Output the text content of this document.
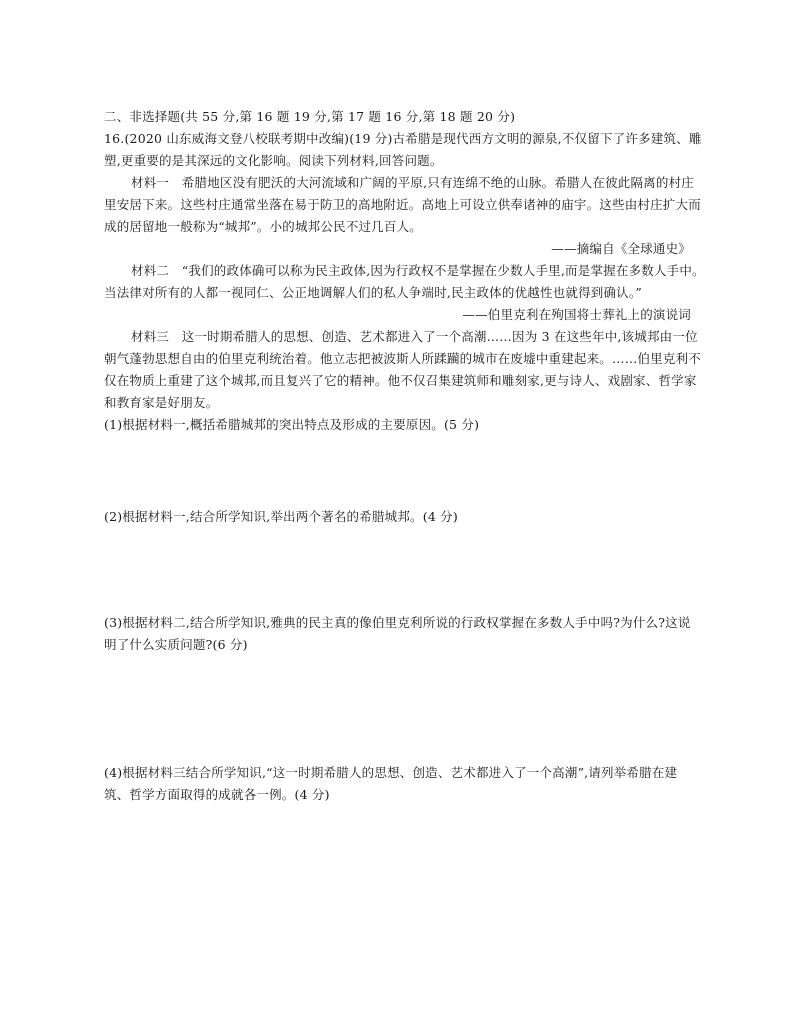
二、非选择题(共 55 分,第 16 题 19 分,第 17 题 16 分,第 18 题 20 分)
16.(2020 山东威海文登八校联考期中改编)(19 分)古希腊是现代西方文明的源泉,不仅留下了许多建筑、雕
塑,更重要的是其深远的文化影响。阅读下列材料,回答问题。
材料一　希腊地区没有肥沃的大河流域和广阔的平原,只有连绵不绝的山脉。希腊人在彼此隔离的村庄
里安居下来。这些村庄通常坐落在易于防卫的高地附近。高地上可设立供奉诸神的庙宇。这些由村庄扩大而
成的居留地一般称为“城邦”。小的城邦公民不过几百人。
——摘编自《全球通史》
材料二　“我们的政体确可以称为民主政体,因为行政权不是掌握在少数人手里,而是掌握在多数人手中。
当法律对所有的人都一视同仁、公正地调解人们的私人争端时,民主政体的优越性也就得到确认。”
——伯里克利在殉国将士葬礼上的演说词
材料三　这一时期希腊人的思想、创造、艺术都进入了一个高潮……因为 3 在这些年中,该城邦由一位
朝气蓬勃思想自由的伯里克利统治着。他立志把被波斯人所蹂躏的城市在废墟中重建起来。……伯里克利不
仅在物质上重建了这个城邦,而且复兴了它的精神。他不仅召集建筑师和雕刻家,更与诗人、戏剧家、哲学家
和教育家是好朋友。
(1)根据材料一,概括希腊城邦的突出特点及形成的主要原因。(5 分)
(2)根据材料一,结合所学知识,举出两个著名的希腊城邦。(4 分)
(3)根据材料二,结合所学知识,雅典的民主真的像伯里克利所说的行政权掌握在多数人手中吗?为什么?这说
明了什么实质问题?(6 分)
(4)根据材料三结合所学知识,“这一时期希腊人的思想、创造、艺术都进入了一个高潮”,请列举希腊在建
筑、哲学方面取得的成就各一例。(4 分)
